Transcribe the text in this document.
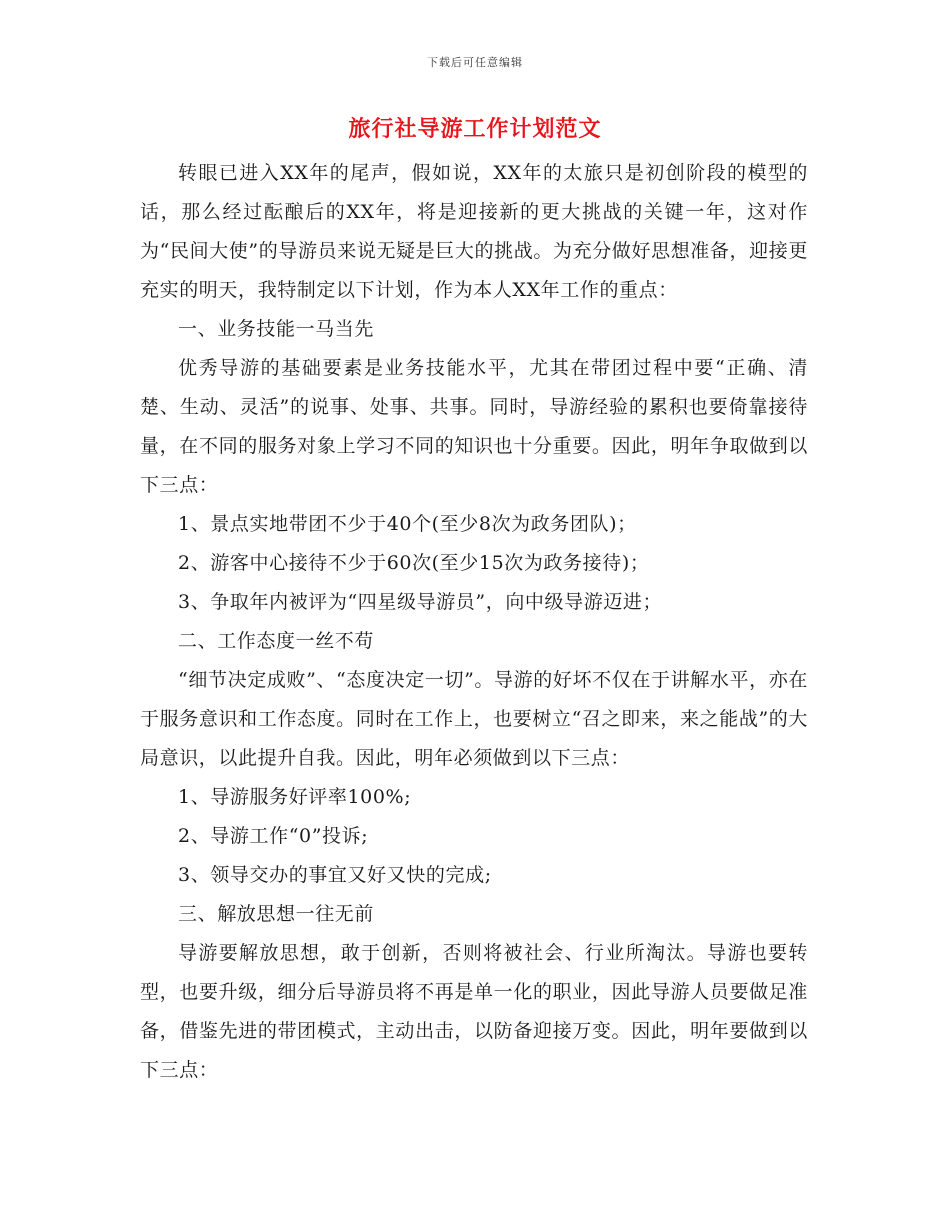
下载后可任意编辑
旅行社导游工作计划范文

转眼已进入XX年的尾声，假如说，XX年的太旅只是初创阶段的模型的话，那么经过酝酿后的XX年，将是迎接新的更大挑战的关键一年，这对作为“民间大使”的导游员来说无疑是巨大的挑战。为充分做好思想准备，迎接更充实的明天，我特制定以下计划，作为本人XX年工作的重点：

一、业务技能一马当先

优秀导游的基础要素是业务技能水平，尤其在带团过程中要“正确、清楚、生动、灵活”的说事、处事、共事。同时，导游经验的累积也要倚靠接待量，在不同的服务对象上学习不同的知识也十分重要。因此，明年争取做到以下三点：

1、景点实地带团不少于40个(至少8次为政务团队)；

2、游客中心接待不少于60次(至少15次为政务接待)；

3、争取年内被评为“四星级导游员”，向中级导游迈进；

二、工作态度一丝不苟

“细节决定成败”、“态度决定一切”。导游的好坏不仅在于讲解水平，亦在于服务意识和工作态度。同时在工作上，也要树立“召之即来，来之能战”的大局意识，以此提升自我。因此，明年必须做到以下三点：

1、导游服务好评率100%;

2、导游工作“0”投诉;

3、领导交办的事宜又好又快的完成;

三、解放思想一往无前

导游要解放思想，敢于创新，否则将被社会、行业所淘汰。导游也要转型，也要升级，细分后导游员将不再是单一化的职业，因此导游人员要做足准备，借鉴先进的带团模式，主动出击，以防备迎接万变。因此，明年要做到以下三点：
